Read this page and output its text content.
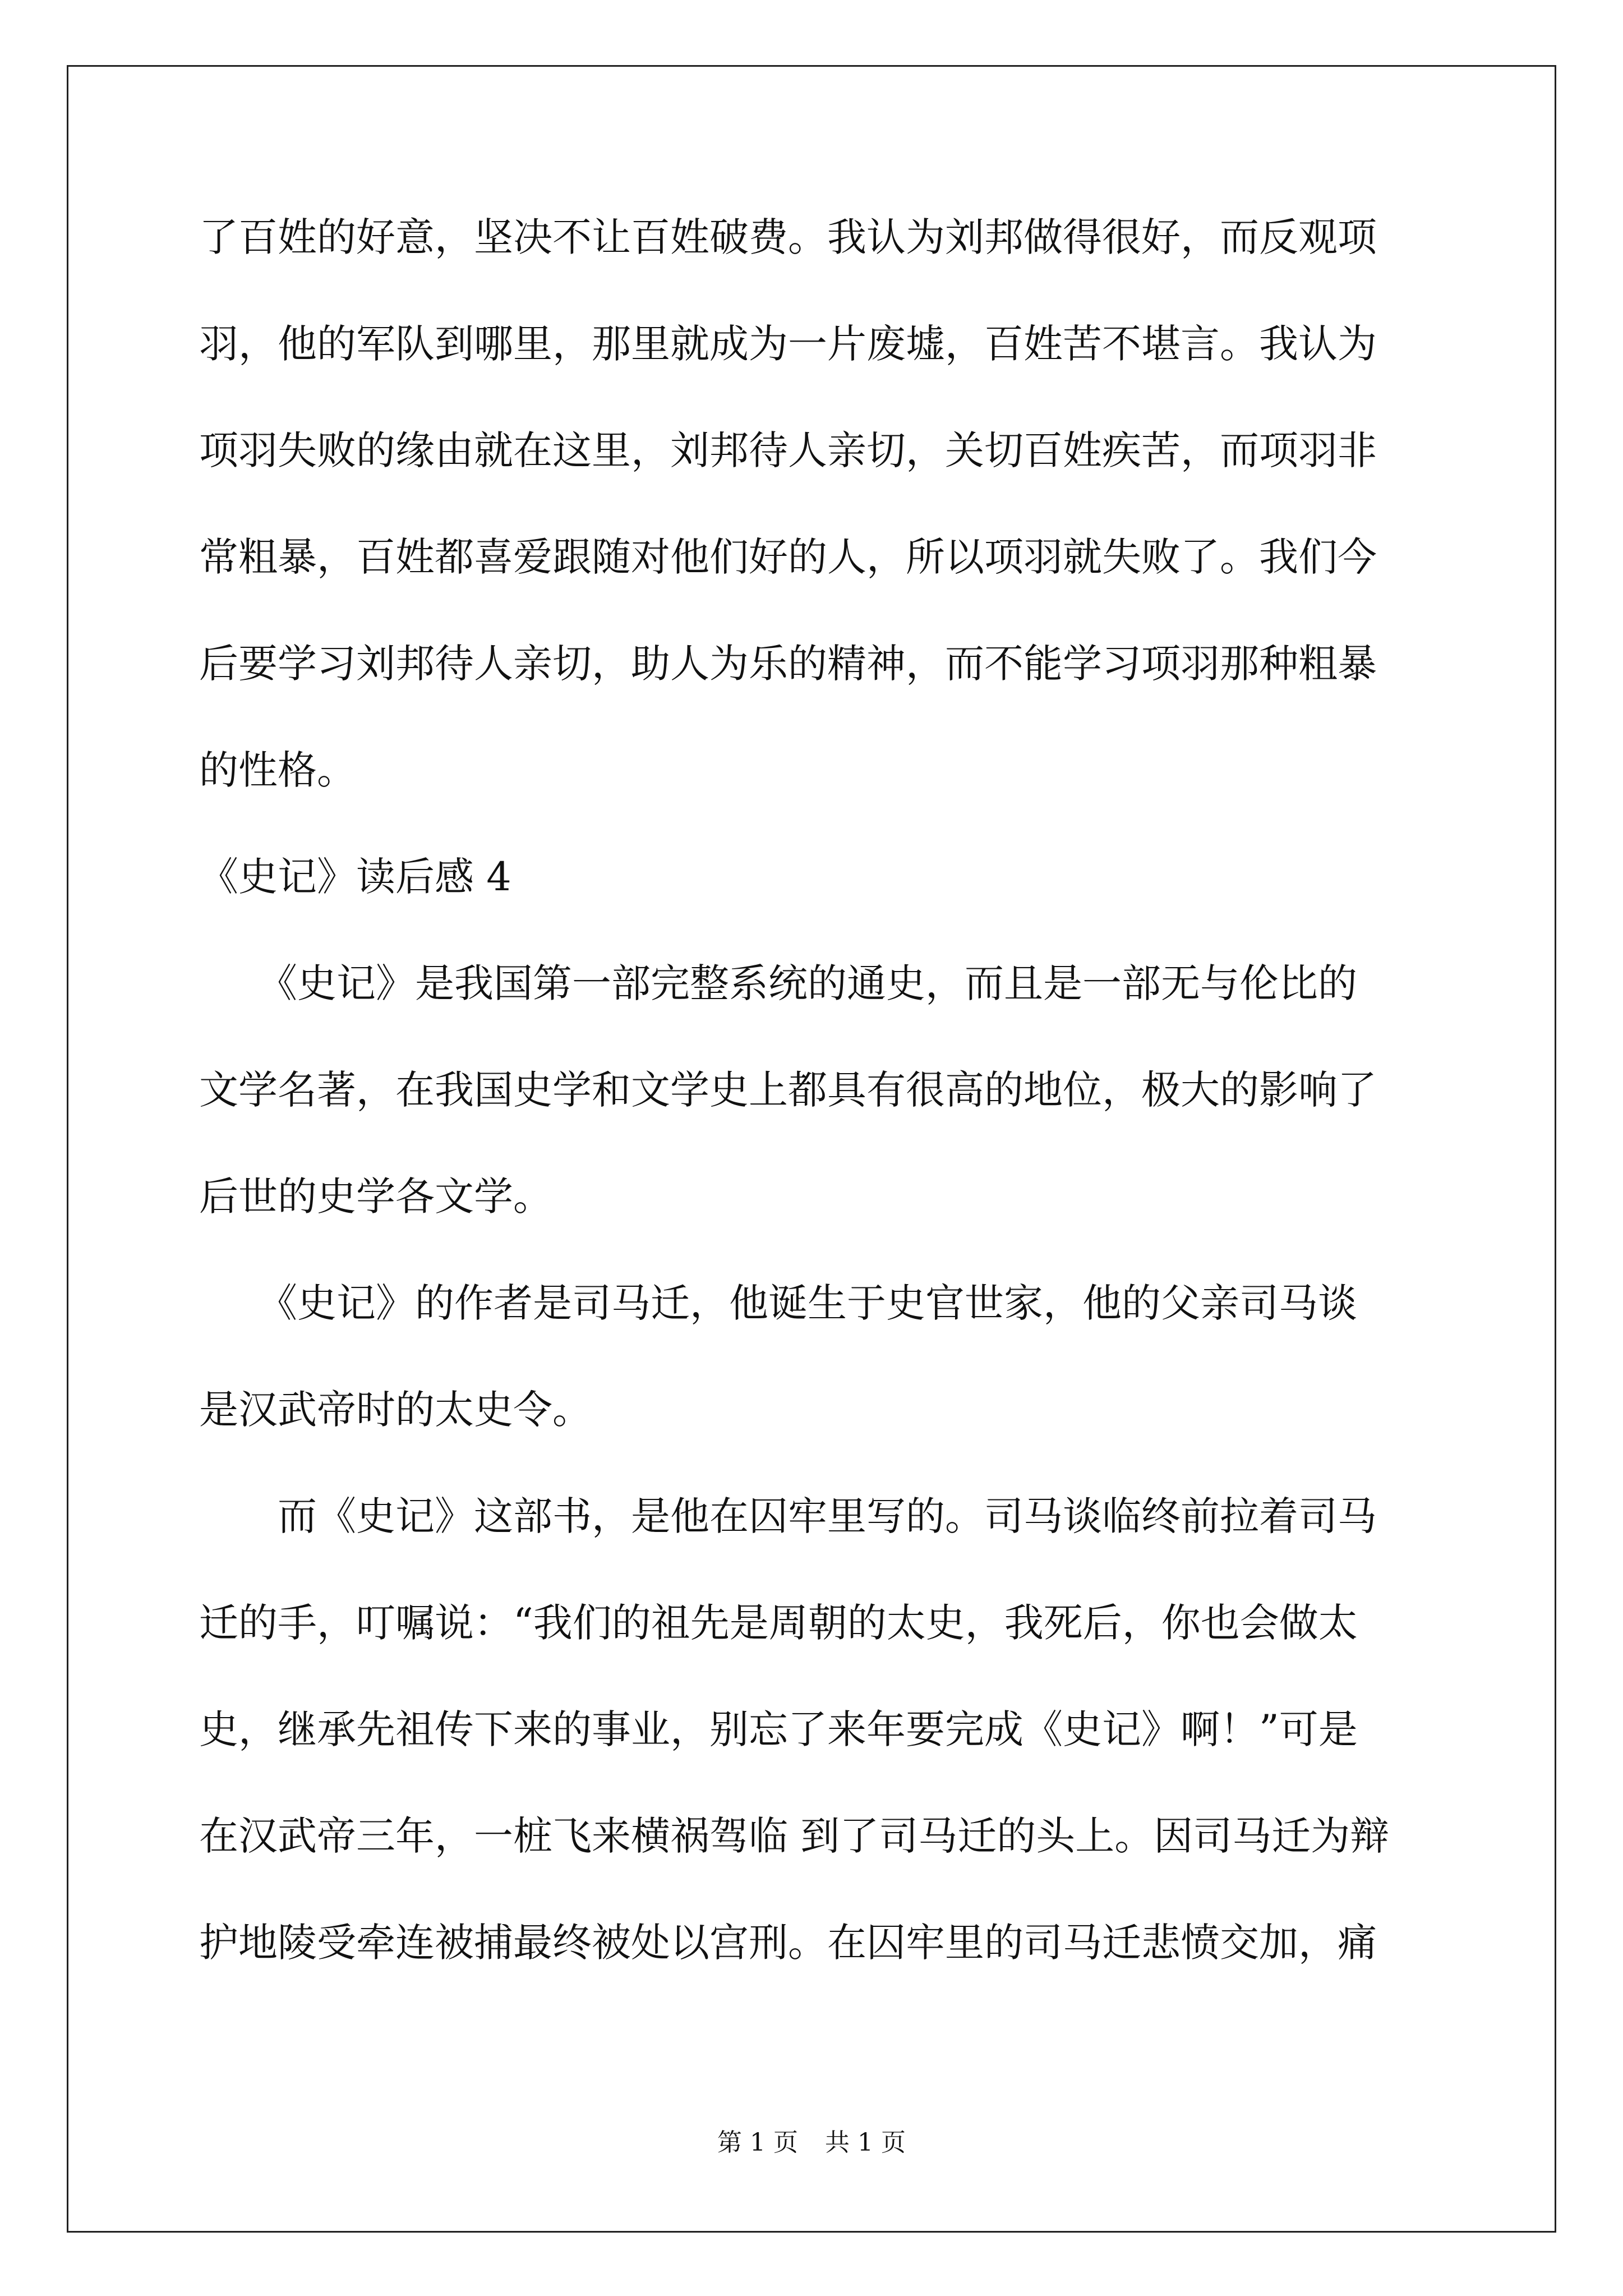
了百姓的好意，坚决不让百姓破费。我认为刘邦做得很好，而反观项
羽，他的军队到哪里，那里就成为一片废墟，百姓苦不堪言。我认为
项羽失败的缘由就在这里，刘邦待人亲切，关切百姓疾苦，而项羽非
常粗暴，百姓都喜爱跟随对他们好的人，所以项羽就失败了。我们今
后要学习刘邦待人亲切，助人为乐的精神，而不能学习项羽那种粗暴
的性格。
《史记》读后感 4
　　《史记》是我国第一部完整系统的通史，而且是一部无与伦比的
文学名著，在我国史学和文学史上都具有很高的地位，极大的影响了
后世的史学各文学。
　　《史记》的作者是司马迁，他诞生于史官世家，他的父亲司马谈
是汉武帝时的太史令。
　　而《史记》这部书，是他在囚牢里写的。司马谈临终前拉着司马
迁的手，叮嘱说：“我们的祖先是周朝的太史，我死后，你也会做太
史，继承先祖传下来的事业，别忘了来年要完成《史记》啊！”可是
在汉武帝三年，一桩飞来横祸驾临 到了司马迁的头上。因司马迁为辩
护地陵受牵连被捕最终被处以宫刑。在囚牢里的司马迁悲愤交加，痛
第 1 页 共 1 页
